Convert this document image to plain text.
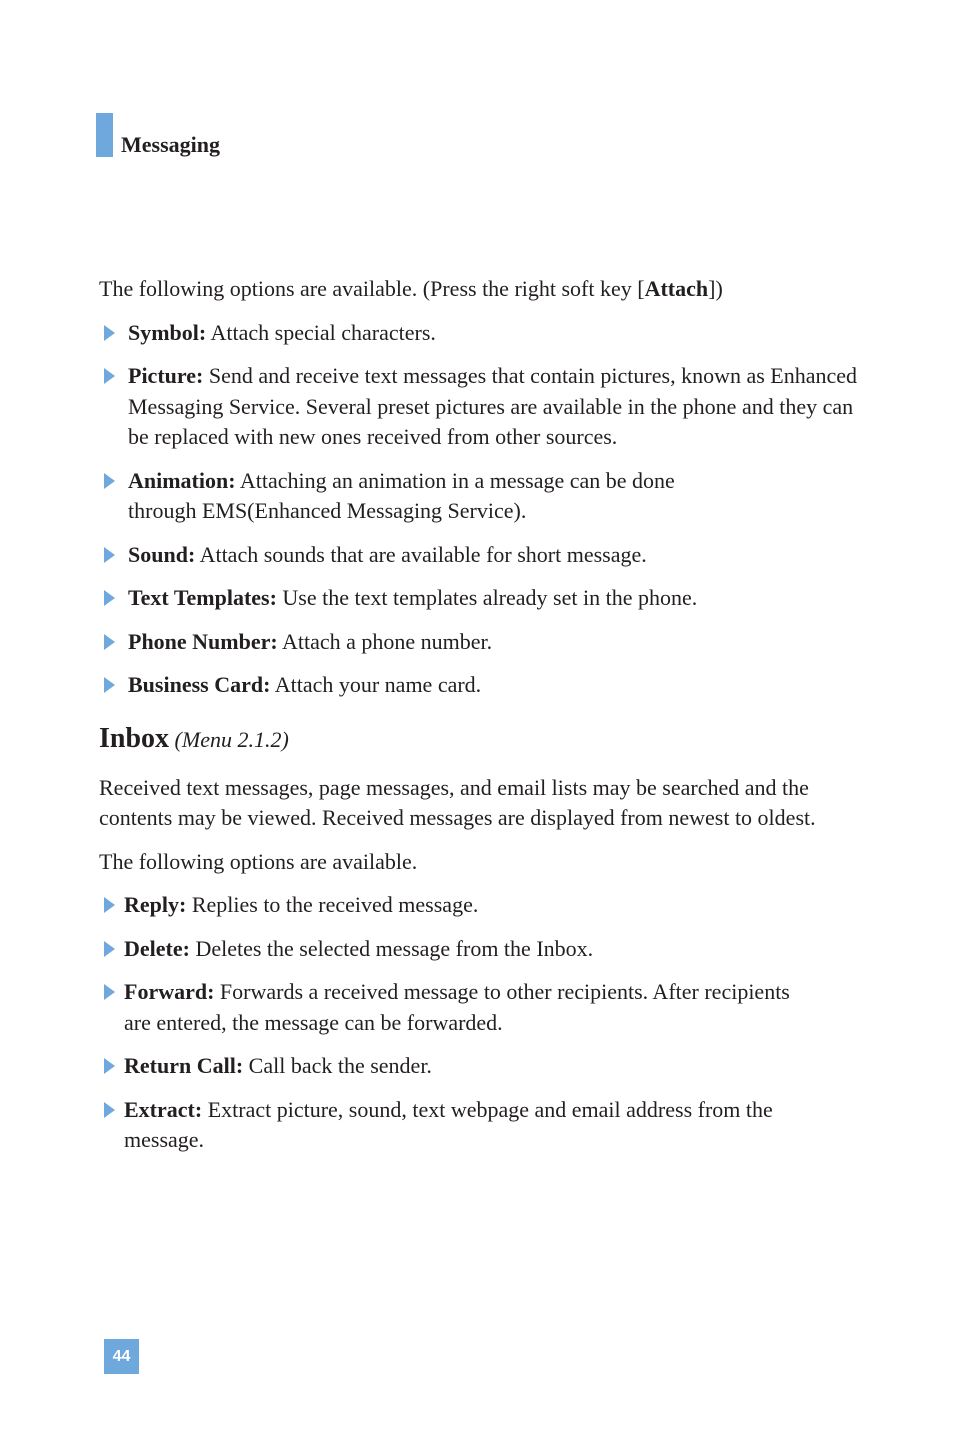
Messaging

The following options are available. (Press the right soft key [Attach])

Symbol: Attach special characters.
Picture: Send and receive text messages that contain pictures, known as Enhanced Messaging Service. Several preset pictures are available in the phone and they can be replaced with new ones received from other sources.
Animation: Attaching an animation in a message can be done through EMS(Enhanced Messaging Service).
Sound: Attach sounds that are available for short message.
Text Templates: Use the text templates already set in the phone.
Phone Number: Attach a phone number.
Business Card: Attach your name card.
Inbox (Menu 2.1.2)

Received text messages, page messages, and email lists may be searched and the contents may be viewed. Received messages are displayed from newest to oldest.

The following options are available.

Reply: Replies to the received message.
Delete: Deletes the selected message from the Inbox.
Forward: Forwards a received message to other recipients. After recipients are entered, the message can be forwarded.
Return Call: Call back the sender.
Extract: Extract picture, sound, text webpage and email address from the message.
44
